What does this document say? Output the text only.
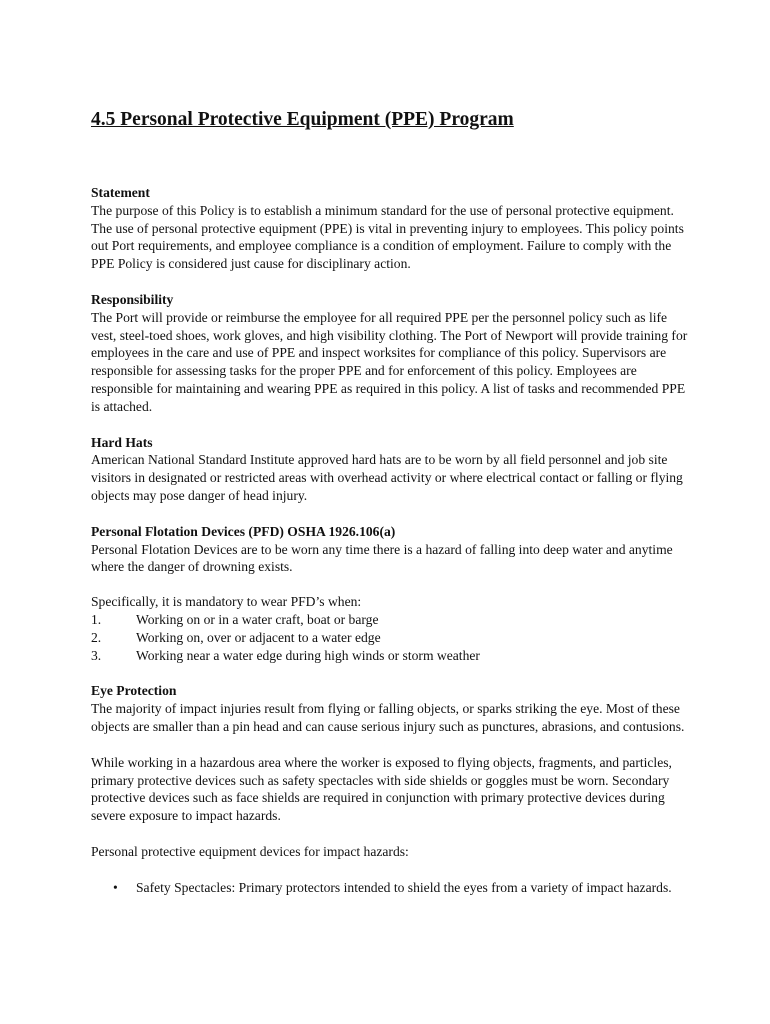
4.5 Personal Protective Equipment (PPE) Program
Statement

The purpose of this Policy is to establish a minimum standard for the use of personal protective equipment. The use of personal protective equipment (PPE) is vital in preventing injury to employees. This policy points out Port requirements, and employee compliance is a condition of employment. Failure to comply with the PPE Policy is considered just cause for disciplinary action.

Responsibility

The Port will provide or reimburse the employee for all required PPE per the personnel policy such as life vest, steel-toed shoes, work gloves, and high visibility clothing. The Port of Newport will provide training for employees in the care and use of PPE and inspect worksites for compliance of this policy. Supervisors are responsible for assessing tasks for the proper PPE and for enforcement of this policy. Employees are responsible for maintaining and wearing PPE as required in this policy. A list of tasks and recommended PPE is attached.

Hard Hats

American National Standard Institute approved hard hats are to be worn by all field personnel and job site visitors in designated or restricted areas with overhead activity or where electrical contact or falling or flying objects may pose danger of head injury.

Personal Flotation Devices (PFD) OSHA 1926.106(a)

Personal Flotation Devices are to be worn any time there is a hazard of falling into deep water and anytime where the danger of drowning exists.

Specifically, it is mandatory to wear PFD’s when:

1.	Working on or in a water craft, boat or barge
2.	Working on, over or adjacent to a water edge
3.	Working near a water edge during high winds or storm weather
Eye Protection

The majority of impact injuries result from flying or falling objects, or sparks striking the eye. Most of these objects are smaller than a pin head and can cause serious injury such as punctures, abrasions, and contusions.

While working in a hazardous area where the worker is exposed to flying objects, fragments, and particles, primary protective devices such as safety spectacles with side shields or goggles must be worn. Secondary protective devices such as face shields are required in conjunction with primary protective devices during severe exposure to impact hazards.

Personal protective equipment devices for impact hazards:

•	Safety Spectacles: Primary protectors intended to shield the eyes from a variety of impact hazards.
